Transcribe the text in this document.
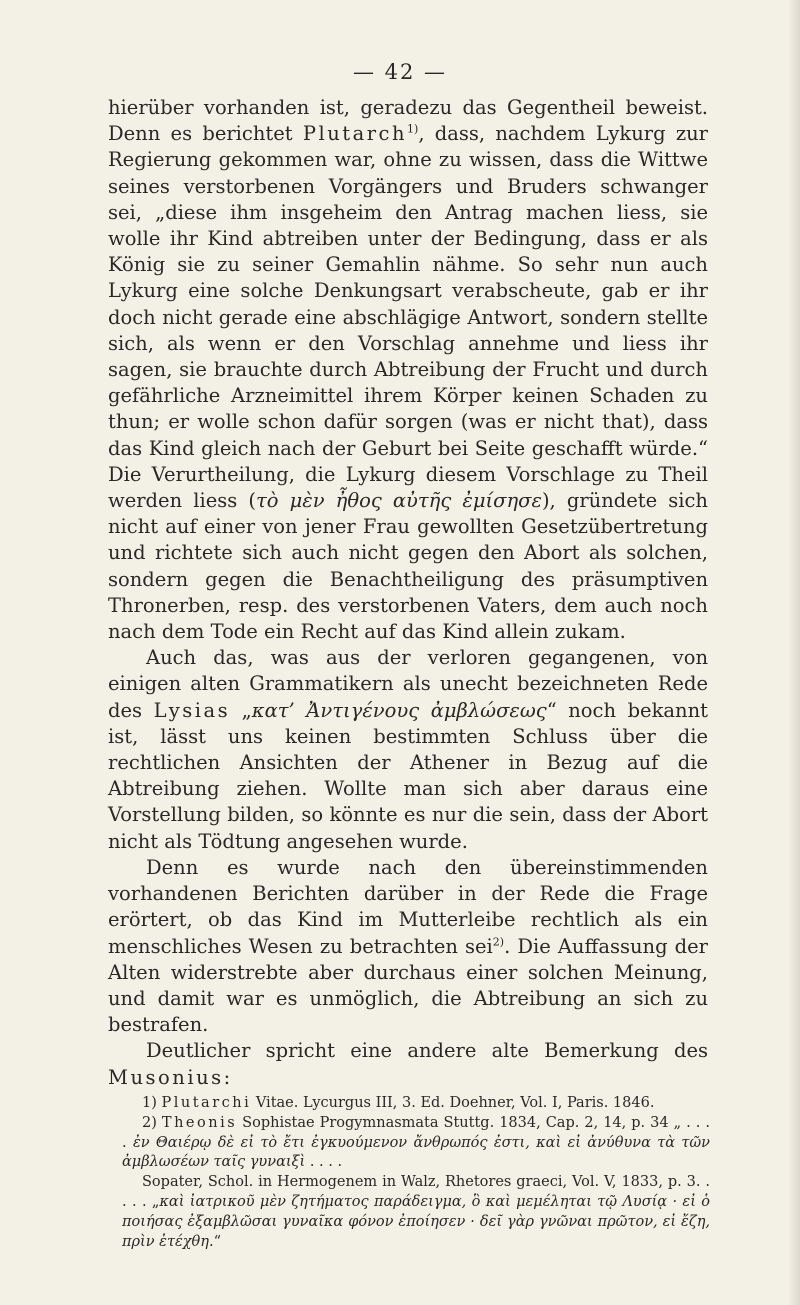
— 42 —

hierüber vorhanden ist, geradezu das Gegentheil beweist. Denn es berichtet Plutarch$^{1)}$, dass, nachdem Lykurg zur Regierung gekommen war, ohne zu wissen, dass die Wittwe seines verstorbenen Vorgängers und Bruders schwanger sei, „diese ihm insgeheim den Antrag machen liess, sie wolle ihr Kind abtreiben unter der Bedingung, dass er als König sie zu seiner Gemahlin nähme. So sehr nun auch Lykurg eine solche Denkungsart verabscheute, gab er ihr doch nicht gerade eine abschlägige Antwort, sondern stellte sich, als wenn er den Vorschlag annehme und liess ihr sagen, sie brauchte durch Abtreibung der Frucht und durch gefährliche Arzneimittel ihrem Körper keinen Schaden zu thun; er wolle schon dafür sorgen (was er nicht that), dass das Kind gleich nach der Geburt bei Seite geschafft würde.“ Die Verurtheilung, die Lykurg diesem Vorschlage zu Theil werden liess (τὸ μὲν ἦθος αὐτῆς ἐμίσησε), gründete sich nicht auf einer von jener Frau gewollten Gesetzübertretung und richtete sich auch nicht gegen den Abort als solchen, sondern gegen die Benachtheiligung des präsumptiven Thronerben, resp. des verstorbenen Vaters, dem auch noch nach dem Tode ein Recht auf das Kind allein zukam.

Auch das, was aus der verloren gegangenen, von einigen alten Grammatikern als unecht bezeichneten Rede des Lysias „κατ’ Ἀντιγένους ἀμβλώσεως“ noch bekannt ist, lässt uns keinen bestimmten Schluss über die rechtlichen Ansichten der Athener in Bezug auf die Abtreibung ziehen. Wollte man sich aber daraus eine Vorstellung bilden, so könnte es nur die sein, dass der Abort nicht als Tödtung angesehen wurde.

Denn es wurde nach den übereinstimmenden vorhandenen Berichten darüber in der Rede die Frage erörtert, ob das Kind im Mutterleibe rechtlich als ein menschliches Wesen zu betrachten sei$^{2)}$. Die Auffassung der Alten widerstrebte aber durchaus einer solchen Meinung, und damit war es unmöglich, die Abtreibung an sich zu bestrafen.

Deutlicher spricht eine andere alte Bemerkung des Musonius:

1) Plutarchi Vitae. Lycurgus III, 3. Ed. Doehner, Vol. I, Paris. 1846.

2) Theonis Sophistae Progymnasmata Stuttg. 1834, Cap. 2, 14, p. 34 „ . . . . ἐν Θαιέρῳ δὲ εἰ τὸ ἔτι ἐγκυούμενον ἄνθρωπός ἐστι, καὶ εἰ ἀνύθυνα τὰ τῶν ἀμβλωσέων ταῖς γυναιξὶ . . . .

Sopater, Schol. in Hermogenem in Walz, Rhetores graeci, Vol. V, 1833, p. 3. . . . . „καὶ ἰατρικοῦ μὲν ζητήματος παράδειγμα, ὃ καὶ μεμέληται τῷ Λυσίᾳ · εἰ ὁ ποιήσας ἐξαμβλῶσαι γυναῖκα φόνον ἐποίησεν · δεῖ γὰρ γνῶναι πρῶτον, εἰ ἔζη, πρὶν ἐτέχθη.“
